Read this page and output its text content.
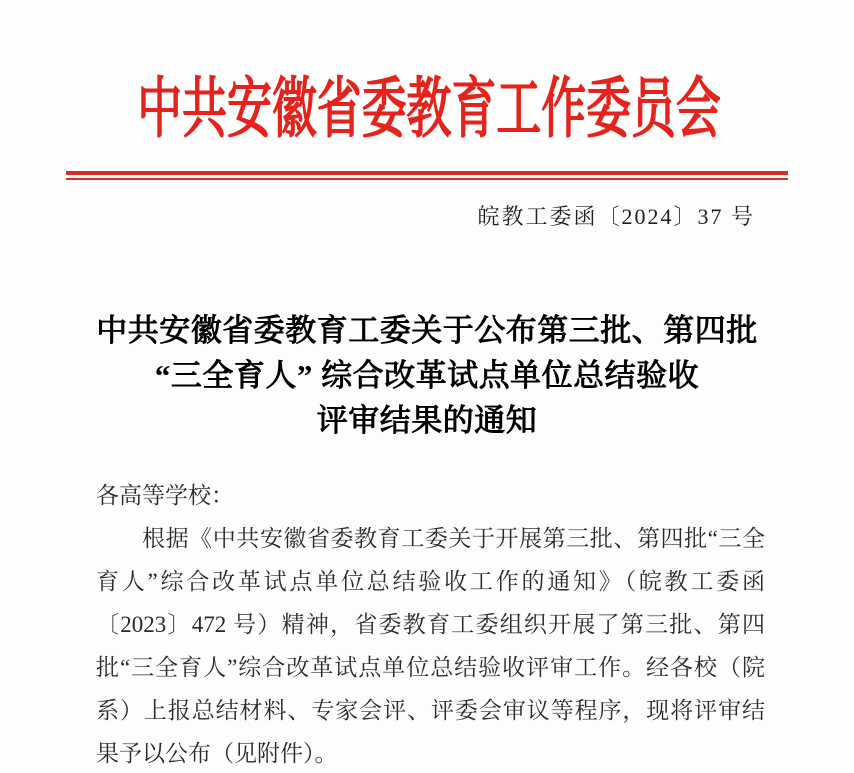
中共安徽省委教育工作委员会
皖教工委函〔2024〕37 号
中共安徽省委教育工委关于公布第三批、第四批
“三全育人” 综合改革试点单位总结验收
评审结果的通知
各高等学校：
根据《中共安徽省委教育工委关于开展第三批、第四批“三全
育人”综合改革试点单位总结验收工作的通知》（皖教工委函
〔2023〕472 号）精神，省委教育工委组织开展了第三批、第四
批“三全育人”综合改革试点单位总结验收评审工作。经各校（院
系）上报总结材料、专家会评、评委会审议等程序，现将评审结
果予以公布（见附件）。
